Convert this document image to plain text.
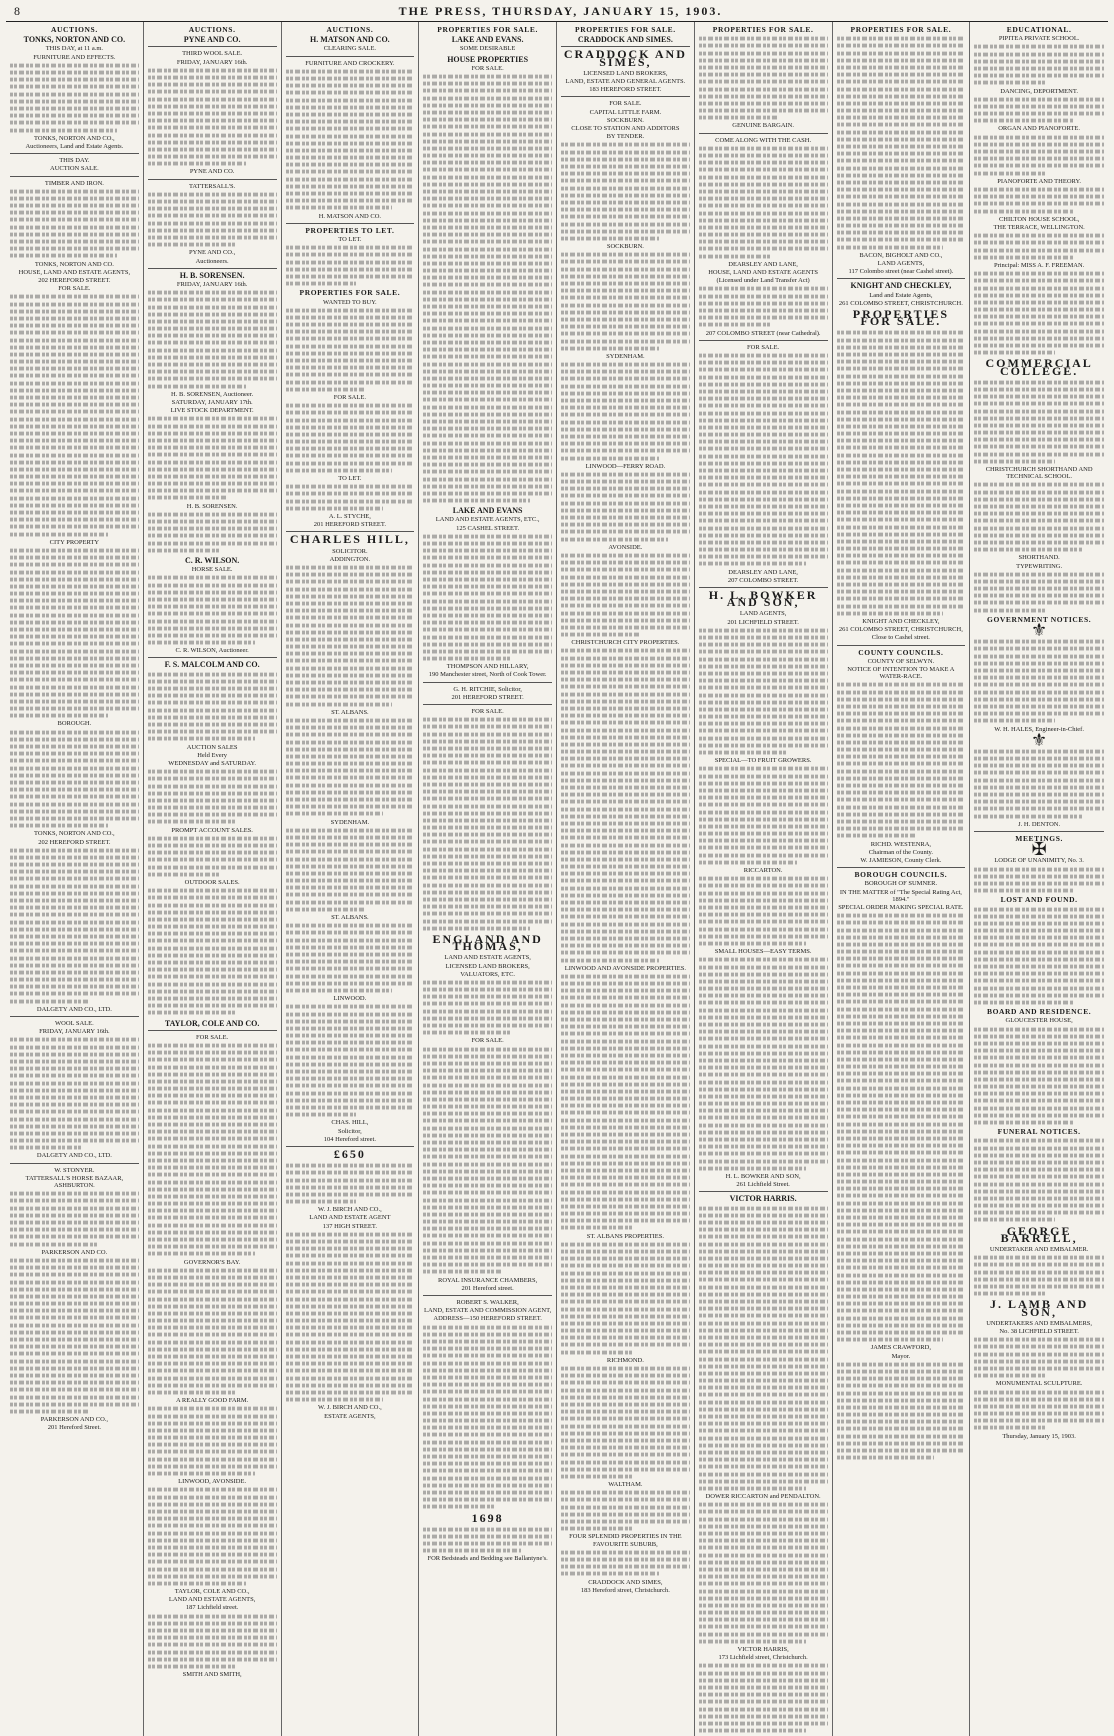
8	THE PRESS, THURSDAY, JANUARY 15, 1903.
AUCTIONS.
TONKS, NORTON AND CO.
THIS DAY, at 11 a.m.
FURNITURE AND EFFECTS.
TONKS, NORTON AND CO.,
Auctioneers, Land and Estate Agents.
THIS DAY.
AUCTION SALE.
TIMBER AND IRON.
TONKS, NORTON AND CO.
HOUSE, LAND AND ESTATE AGENTS,
202 HEREFORD STREET.
FOR SALE.
CITY PROPERTY
BOROUGH.
TONKS, NORTON AND CO.,
202 HEREFORD STREET.
DALGETY AND CO., LTD.
WOOL SALE.
FRIDAY, JANUARY 16th.
DALGETY AND CO., LTD.
W. STONYER.
TATTERSALL'S HORSE BAZAAR, ASHBURTON.
PARKERSON AND CO.
PARKERSON AND CO.,
201 Hereford Street.
AUCTIONS.
PYNE AND CO.
THIRD WOOL SALE.
FRIDAY, JANUARY 16th.
PYNE AND CO.
TATTERSALL'S.
PYNE AND CO.,
Auctioneers.
H. B. SORENSEN.
FRIDAY, JANUARY 16th.
H. B. SORENSEN, Auctioneer.
SATURDAY, JANUARY 17th.
LIVE STOCK DEPARTMENT.
H. B. SORENSEN.
C. R. WILSON.
HORSE SALE.
C. R. WILSON, Auctioneer.
F. S. MALCOLM AND CO.
AUCTION SALES
Held Every
WEDNESDAY and SATURDAY.
PROMPT ACCOUNT SALES.
OUTDOOR SALES.
TAYLOR, COLE AND CO.
FOR SALE.
GOVERNOR'S BAY.
A REALLY GOOD FARM.
LINWOOD, AVONSIDE.
TAYLOR, COLE AND CO.,
LAND AND ESTATE AGENTS,
187 Lichfield street.
SMITH AND SMITH,
AUCTIONS.
H. MATSON AND CO.
CLEARING SALE.
FURNITURE AND CROCKERY.
H. MATSON AND CO.
PROPERTIES TO LET.
TO LET.
PROPERTIES FOR SALE.
WANTED TO BUY.
FOR SALE.
TO LET.
A. L. STYCHE,
201 HEREFORD STREET.
CHARLES HILL,
SOLICITOR.
ADDINGTON.
ST. ALBANS.
SYDENHAM.
ST. ALBANS.
LINWOOD.
CHAS. HILL,
Solicitor,
104 Hereford street.
£650
W. J. BIRCH AND CO.,
LAND AND ESTATE AGENT
137 HIGH STREET.
W. J. BIRCH AND CO.,
ESTATE AGENTS,
PROPERTIES FOR SALE.
LAKE AND EVANS.
SOME DESIRABLE
HOUSE PROPERTIES
FOR SALE.
LAKE AND EVANS
LAND AND ESTATE AGENTS, ETC.,
125 CASHEL STREET.
THOMPSON AND HILLARY,
190 Manchester street, North of Cook Tower.
G. H. RITCHIE, Solicitor,
201 HEREFORD STREET.
FOR SALE.
ENGLAND AND THOMAS,
LAND AND ESTATE AGENTS,
LICENSED LAND BROKERS,
VALUATORS, ETC.
FOR SALE.
ROYAL INSURANCE CHAMBERS,
201 Hereford street.
ROBERT S. WALKER,
LAND, ESTATE AND COMMISSION AGENT,
ADDRESS—150 HEREFORD STREET.
1698
FOR Bedsteads and Bedding see Ballantyne's.
PROPERTIES FOR SALE.
CRADDOCK AND SIMES.
CRADDOCK AND SIMES,
LICENSED LAND BROKERS,
LAND, ESTATE AND GENERAL AGENTS.
183 HEREFORD STREET.
FOR SALE.
CAPITAL LITTLE FARM.
SOCKBURN.
CLOSE TO STATION AND ADDITORS
BY TENDER.
SOCKBURN.
SYDENHAM.
LINWOOD—FERRY ROAD.
AVONSIDE.
CHRISTCHURCH CITY PROPERTIES.
LINWOOD AND AVONSIDE PROPERTIES.
ST. ALBANS PROPERTIES.
RICHMOND.
WALTHAM.
FOUR SPLENDID PROPERTIES IN THE FAVOURITE SUBURB,
CRADDOCK AND SIMES,
183 Hereford street, Christchurch.
PROPERTIES FOR SALE.
GENUINE BARGAIN.
COME ALONG WITH THE CASH.
DEARSLEY AND LANE,
HOUSE, LAND AND ESTATE AGENTS
(Licensed under Land Transfer Act)
207 COLOMBO STREET (near Cathedral).
FOR SALE.
DEARSLEY AND LANE,
207 COLOMBO STREET.
H. L. BOWKER AND SON,
LAND AGENTS,
201 LICHFIELD STREET.
SPECIAL—TO FRUIT GROWERS.
RICCARTON.
SMALL HOUSES—EASY TERMS.
H. L. BOWKER AND SON,
261 Lichfield Street.
VICTOR HARRIS.
DOWER RICCARTON and PENDALTON.
VICTOR HARRIS,
173 Lichfield street, Christchurch.
PROPERTIES FOR SALE.
BACON, BIGHOLT AND CO.,
LAND AGENTS,
117 Colombo street (near Cashel street).
KNIGHT AND CHECKLEY,
Land and Estate Agents,
261 COLOMBO STREET, CHRISTCHURCH.
PROPERTIES FOR SALE.
KNIGHT AND CHECKLEY,
261 COLOMBO STREET, CHRISTCHURCH,
Close to Cashel street.
COUNTY COUNCILS.
COUNTY OF SELWYN.
NOTICE OF INTENTION TO MAKE A WATER-RACE.
RICHD. WESTENRA,
Chairman of the County.
W. JAMIESON, County Clerk.
BOROUGH COUNCILS.
BOROUGH OF SUMNER.
IN THE MATTER of "The Special Rating Act, 1894."
SPECIAL ORDER MAKING SPECIAL RATE.
JAMES CRAWFORD,
Mayor.
EDUCATIONAL.
PIPITEA PRIVATE SCHOOL.
DANCING, DEPORTMENT.
ORGAN AND PIANOFORTE.
PIANOFORTE AND THEORY.
CHILTON HOUSE SCHOOL,
THE TERRACE, WELLINGTON.
Principal: MISS A. F. FREEMAN.
COMMERCIAL COLLEGE.
CHRISTCHURCH SHORTHAND AND TECHNICAL SCHOOL.
SHORTHAND.
TYPEWRITING.
GOVERNMENT NOTICES.
⚜
W. H. HALES, Engineer-in-Chief.
⚜
J. H. DENTON.
MEETINGS.
✠
LODGE OF UNANIMITY, No. 3.
LOST AND FOUND.
BOARD AND RESIDENCE.
GLOUCESTER HOUSE,
FUNERAL NOTICES.
GEORGE BARRELL,
UNDERTAKER AND EMBALMER.
J. LAMB AND SON,
UNDERTAKERS AND EMBALMERS,
No. 38 LICHFIELD STREET.
MONUMENTAL SCULPTURE.
Thursday, January 15, 1903.
